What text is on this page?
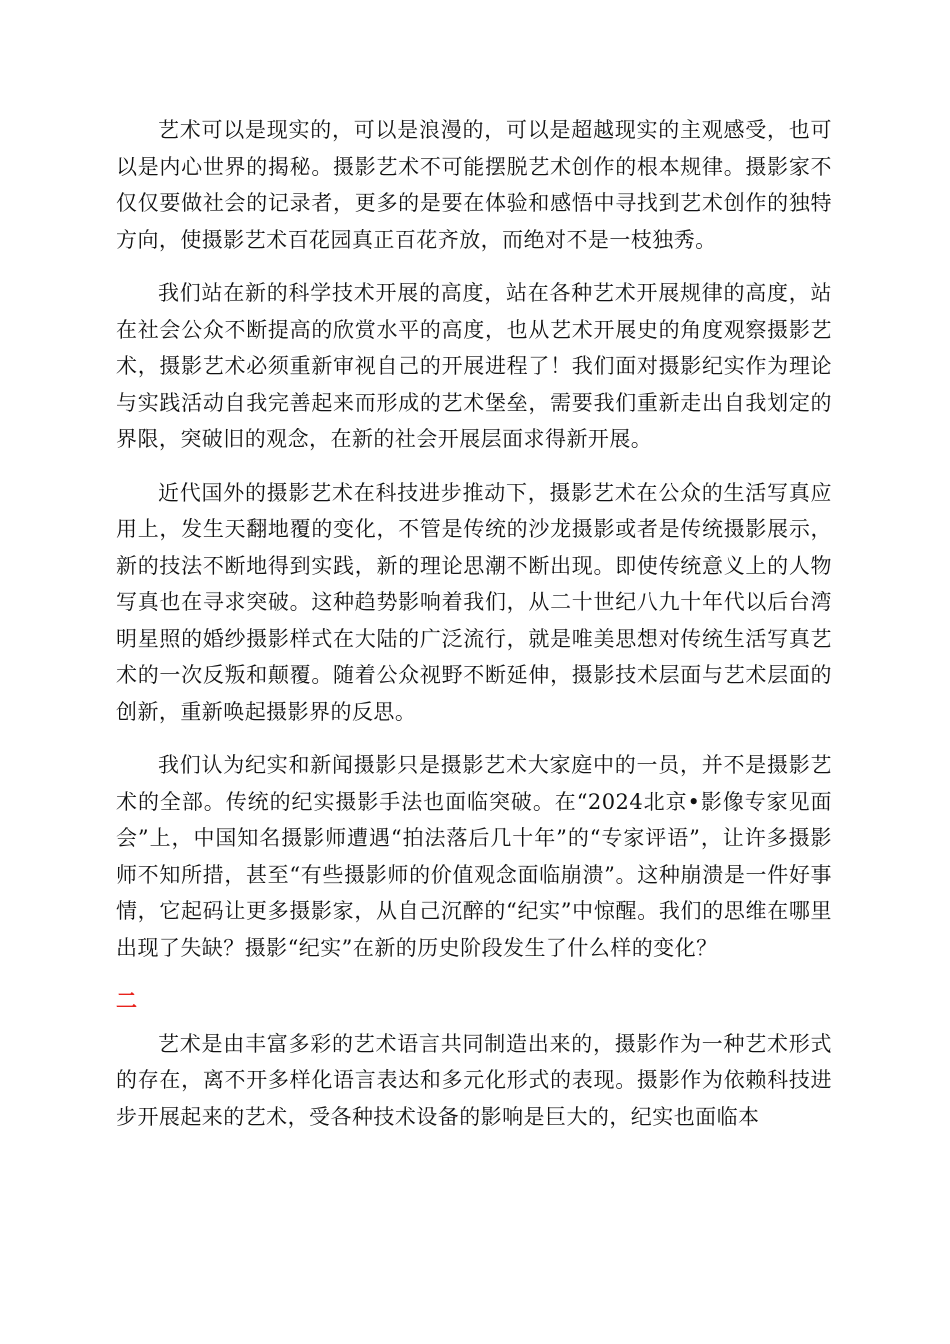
艺术可以是现实的，可以是浪漫的，可以是超越现实的主观感受，也可以是内心世界的揭秘。摄影艺术不可能摆脱艺术创作的根本规律。摄影家不仅仅要做社会的记录者，更多的是要在体验和感悟中寻找到艺术创作的独特方向，使摄影艺术百花园真正百花齐放，而绝对不是一枝独秀。

我们站在新的科学技术开展的高度，站在各种艺术开展规律的高度，站在社会公众不断提高的欣赏水平的高度，也从艺术开展史的角度观察摄影艺术，摄影艺术必须重新审视自己的开展进程了！我们面对摄影纪实作为理论与实践活动自我完善起来而形成的艺术堡垒，需要我们重新走出自我划定的界限，突破旧的观念，在新的社会开展层面求得新开展。

近代国外的摄影艺术在科技进步推动下，摄影艺术在公众的生活写真应用上，发生天翻地覆的变化，不管是传统的沙龙摄影或者是传统摄影展示，新的技法不断地得到实践，新的理论思潮不断出现。即使传统意义上的人物写真也在寻求突破。这种趋势影响着我们，从二十世纪八九十年代以后台湾明星照的婚纱摄影样式在大陆的广泛流行，就是唯美思想对传统生活写真艺术的一次反叛和颠覆。随着公众视野不断延伸，摄影技术层面与艺术层面的创新，重新唤起摄影界的反思。

我们认为纪实和新闻摄影只是摄影艺术大家庭中的一员，并不是摄影艺术的全部。传统的纪实摄影手法也面临突破。在“2024北京•影像专家见面会”上，中国知名摄影师遭遇“拍法落后几十年”的“专家评语”，让许多摄影师不知所措，甚至“有些摄影师的价值观念面临崩溃”。这种崩溃是一件好事情，它起码让更多摄影家，从自己沉醉的“纪实”中惊醒。我们的思维在哪里出现了失缺？摄影“纪实”在新的历史阶段发生了什么样的变化？

二

艺术是由丰富多彩的艺术语言共同制造出来的，摄影作为一种艺术形式的存在，离不开多样化语言表达和多元化形式的表现。摄影作为依赖科技进步开展起来的艺术，受各种技术设备的影响是巨大的，纪实也面临本
